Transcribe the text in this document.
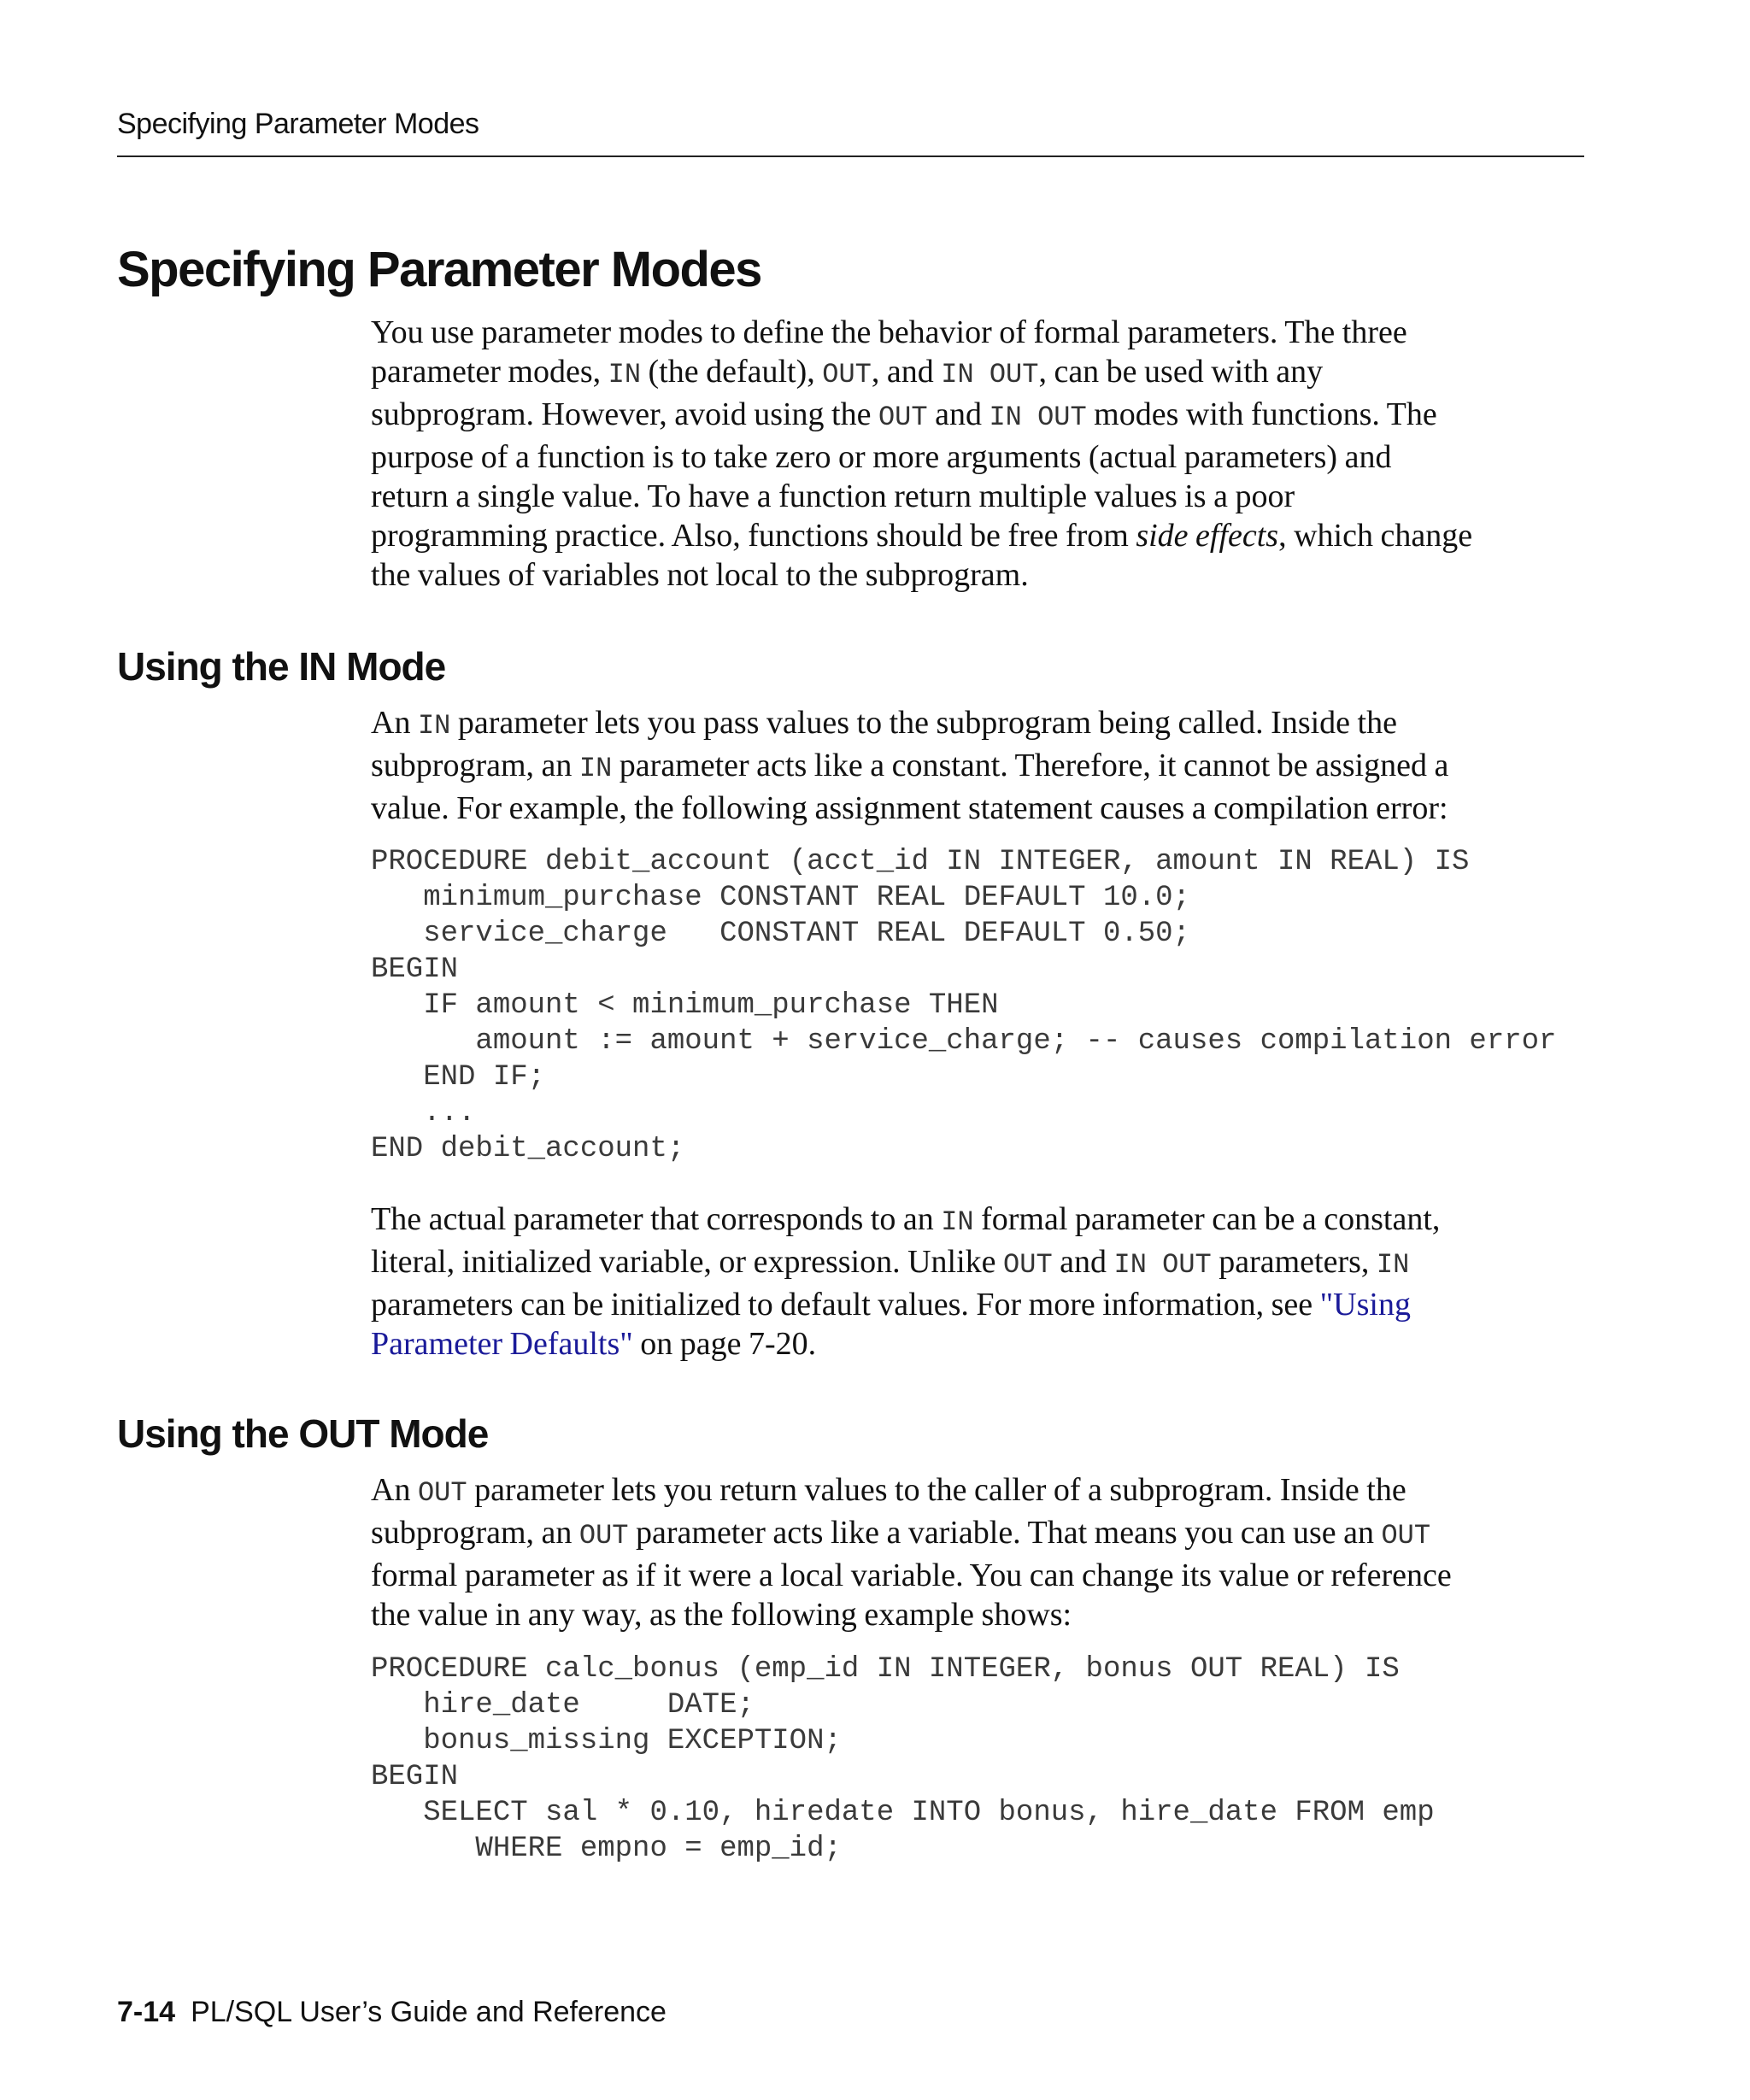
Specifying Parameter Modes
Specifying Parameter Modes

You use parameter modes to define the behavior of formal parameters. The three
parameter modes, IN (the default), OUT, and IN OUT, can be used with any
subprogram. However, avoid using the OUT and IN OUT modes with functions. The
purpose of a function is to take zero or more arguments (actual parameters) and
return a single value. To have a function return multiple values is a poor
programming practice. Also, functions should be free from side effects, which change
the values of variables not local to the subprogram.

Using the IN Mode

An IN parameter lets you pass values to the subprogram being called. Inside the
subprogram, an IN parameter acts like a constant. Therefore, it cannot be assigned a
value. For example, the following assignment statement causes a compilation error:

PROCEDURE debit_account (acct_id IN INTEGER, amount IN REAL) IS
minimum_purchase CONSTANT REAL DEFAULT 10.0;
service_charge   CONSTANT REAL DEFAULT 0.50;
BEGIN
IF amount < minimum_purchase THEN
amount := amount + service_charge; -- causes compilation error
END IF;
...
END debit_account;

The actual parameter that corresponds to an IN formal parameter can be a constant,
literal, initialized variable, or expression. Unlike OUT and IN OUT parameters, IN
parameters can be initialized to default values. For more information, see "Using
Parameter Defaults" on page 7-20.

Using the OUT Mode

An OUT parameter lets you return values to the caller of a subprogram. Inside the
subprogram, an OUT parameter acts like a variable. That means you can use an OUT
formal parameter as if it were a local variable. You can change its value or reference
the value in any way, as the following example shows:

PROCEDURE calc_bonus (emp_id IN INTEGER, bonus OUT REAL) IS
hire_date     DATE;
bonus_missing EXCEPTION;
BEGIN
SELECT sal * 0.10, hiredate INTO bonus, hire_date FROM emp
WHERE empno = emp_id;
7-14 PL/SQL User’s Guide and Reference
